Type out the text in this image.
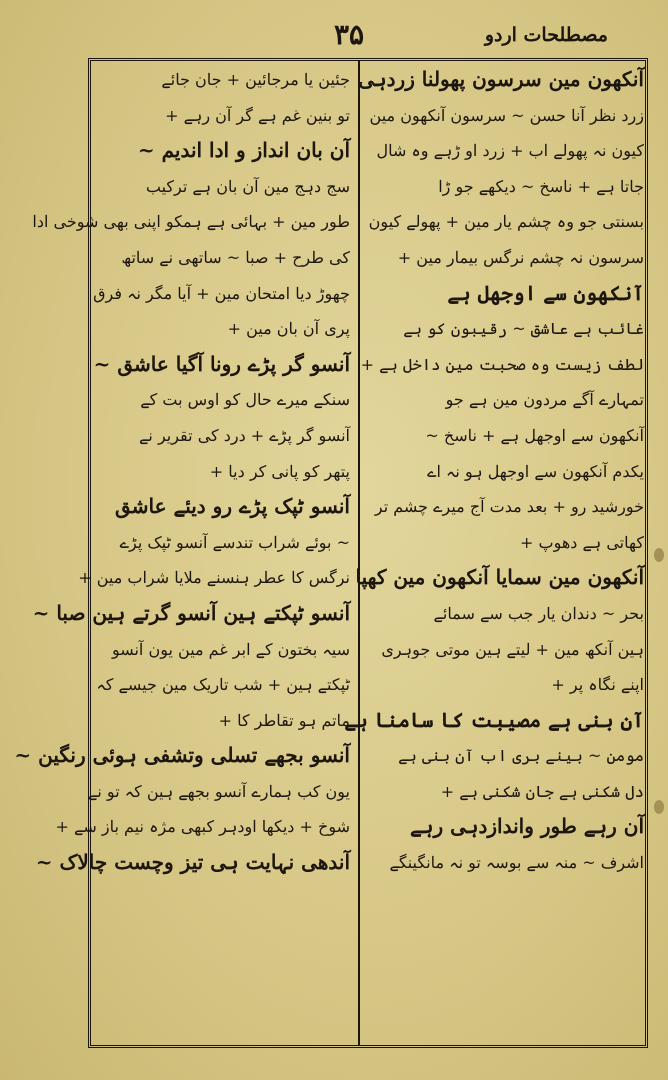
مصطلحات اردو
۳۵
آنکھون مین سرسون پھولنا زردہی
زرد نظر آنا حسن ~ سرسون آنکھون مین
کیون نہ پھولے اب + زرد او ڑہے وہ شال
جاتا ہے + ناسخ ~ دیکھے جو ڑا
بسنتی جو وہ چشم یار مین + پھولے کیون
سرسون نہ چشم نرگس بیمار مین +
آنکھون سے اوجھل ہے
غائب ہے عاشق ~ رقیبون کو ہے
لطف زیست وہ صحبت مین داخل ہے +
تمہارے آگے مردون مین ہے جو
آنکھون سے اوجھل ہے + ناسخ ~
یکدم آنکھون سے اوجھل ہو نہ اے
خورشید رو + بعد مدت آج میرے چشم تر
کھاتی ہے دھوپ +
آنکھون مین سمایا آنکھون مین کھپا
بحر ~ دندان یار جب سے سمائے
ہین آنکھ مین + لیتے ہین موتی جوہری
اپنے نگاہ پر +
آن بنی ہے مصیبت کا سامنا ہے
مومن ~ بینے بری اب آن بنی ہے
دل شکنی ہے جان شکنی ہے +
آن رہے طور واندازدہی رہے
اشرف ~ منہ سے بوسہ تو نہ مانگینگے
جئین یا مرجائین + جان جائے
تو بنین غم ہے گر آن رہے +
آن بان انداز و ادا اندیم ~
سج دہج مین آن بان ہے ترکیب
طور مین + بہائی ہے ہمکو اپنی بھی شوخی ادا
کی طرح + صبا ~ ساتھی نے ساتھ
چھوڑ دیا امتحان مین + آیا مگر نہ فرق
پری آن بان مین +
آنسو گر پڑے رونا آگیا عاشق ~
سنکے میرے حال کو اوس بت کے
آنسو گر پڑے + درد کی تقریر نے
پتھر کو پانی کر دیا +
آنسو ٹپک پڑے رو دیئے عاشق
~ بوئے شراب تندسے آنسو ٹپک پڑے
نرگس کا عطر ہنسنے ملایا شراب مین +
آنسو ٹپکتے ہین آنسو گرتے ہین صبا ~
سیہ بختون کے ابر غم مین یون آنسو
ٹپکتے ہین + شب تاریک مین جیسے کہ
ماتم ہو تقاطر کا +
آنسو بجھے تسلی وتشفی ہوئی رنگین ~
یون کب ہمارے آنسو بجھے ہین کہ تو نے
شوخ + دیکھا اودہر کبھی مژہ نیم باز سے +
آندھی نہایت ہی تیز وچست چالاک ~
